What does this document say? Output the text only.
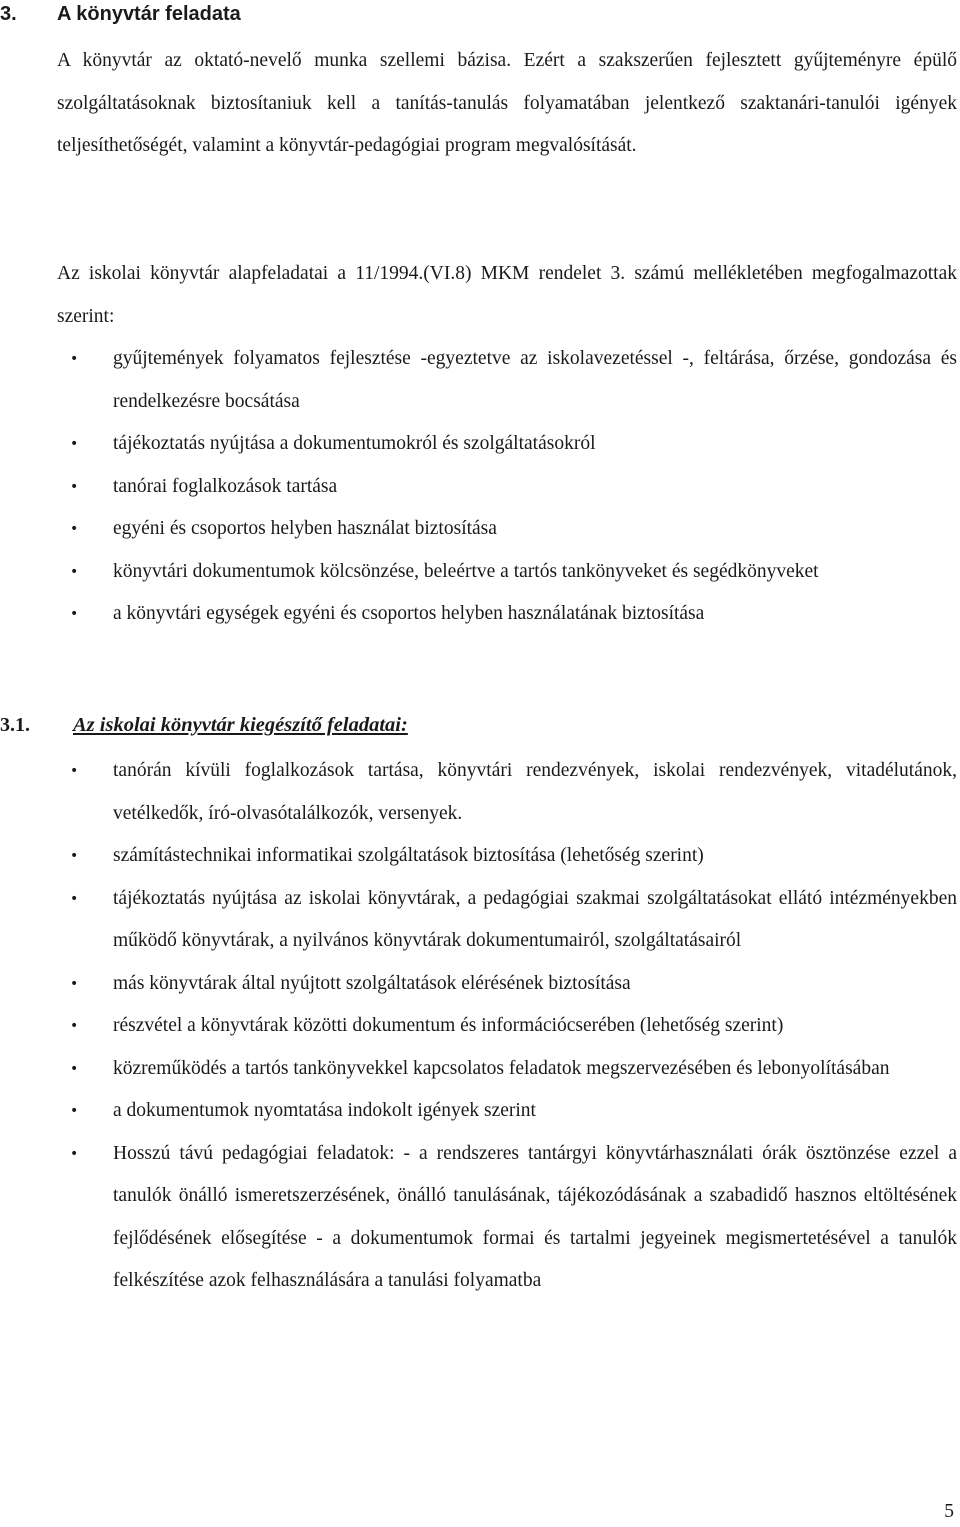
3. A könyvtár feladata

A könyvtár az oktató-nevelő munka szellemi bázisa. Ezért a szakszerűen fejlesztett gyűjteményre épülő szolgáltatásoknak biztosítaniuk kell a tanítás-tanulás folyamatában jelentkező szaktanári-tanulói igények teljesíthetőségét, valamint a könyvtár-pedagógiai program megvalósítását.

Az iskolai könyvtár alapfeladatai a 11/1994.(VI.8) MKM rendelet 3. számú mellékletében megfogalmazottak szerint:

• gyűjtemények folyamatos fejlesztése -egyeztetve az iskolavezetéssel -, feltárása, őrzése, gondozása és rendelkezésre bocsátása
• tájékoztatás nyújtása a dokumentumokról és szolgáltatásokról
• tanórai foglalkozások tartása
• egyéni és csoportos helyben használat biztosítása
• könyvtári dokumentumok kölcsönzése, beleértve a tartós tankönyveket és segédkönyveket
• a könyvtári egységek egyéni és csoportos helyben használatának biztosítása
3.1. Az iskolai könyvtár kiegészítő feladatai:
• tanórán kívüli foglalkozások tartása, könyvtári rendezvények, iskolai rendezvények, vitadélutánok, vetélkedők, író-olvasótalálkozók, versenyek.
• számítástechnikai informatikai szolgáltatások biztosítása (lehetőség szerint)
• tájékoztatás nyújtása az iskolai könyvtárak, a pedagógiai szakmai szolgáltatásokat ellátó intézményekben működő könyvtárak, a nyilvános könyvtárak dokumentumairól, szolgáltatásairól
• más könyvtárak által nyújtott szolgáltatások elérésének biztosítása
• részvétel a könyvtárak közötti dokumentum és információcserében (lehetőség szerint)
• közreműködés a tartós tankönyvekkel kapcsolatos feladatok megszervezésében és lebonyolításában
• a dokumentumok nyomtatása indokolt igények szerint
• Hosszú távú pedagógiai feladatok: - a rendszeres tantárgyi könyvtárhasználati órák ösztönzése ezzel a tanulók önálló ismeretszerzésének, önálló tanulásának, tájékozódásának a szabadidő hasznos eltöltésének fejlődésének elősegítése - a dokumentumok formai és tartalmi jegyeinek megismertetésével a tanulók felkészítése azok felhasználására a tanulási folyamatba
5
